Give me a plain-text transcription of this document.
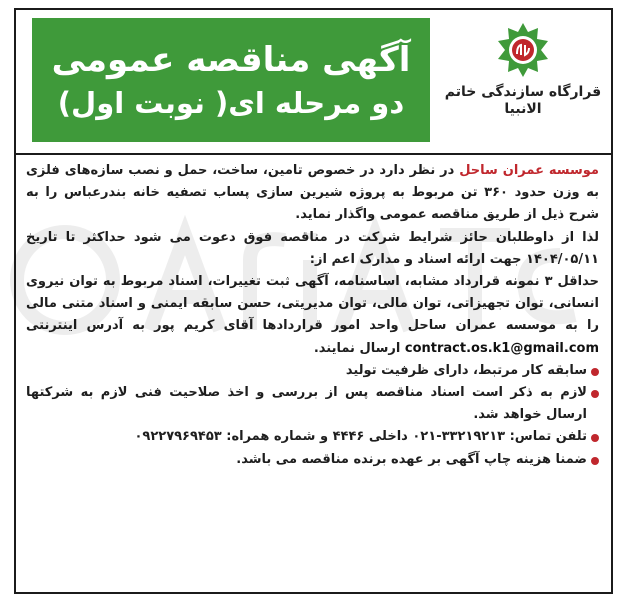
آگهی مناقصه عمومی
دو مرحله ای( نوبت اول)	قرارگاه سازندگی خاتم الانبیا

موسسه عمران ساحل در نظر دارد در خصوص تامین، ساخت، حمل و نصب سازه‌های فلزی به وزن حدود ۳۶۰ تن مربوط به پروژه شیرین سازی پساب تصفیه خانه بندرعباس را به شرح ذیل از طریق مناقصه عمومی واگذار نماید.

لذا از داوطلبان حائز شرایط شرکت در مناقصه فوق دعوت می شود حداکثر تا تاریخ ۱۴۰۴/۰۵/۱۱ جهت ارائه اسناد و مدارک اعم از:

حداقل ۳ نمونه قرارداد مشابه، اساسنامه، آگهی ثبت تغییرات، اسناد مربوط به توان نیروی انسانی، توان تجهیزاتی، توان مالی، توان مدیریتی، حسن سابقه ایمنی و اسناد متنی مالی را به موسسه عمران ساحل واحد امور قراردادها آقای کریم پور به آدرس اینترنتی contract.os.k1@gmail.com ارسال نمایند.

سابقه کار مرتبط، دارای ظرفیت تولید

لازم به ذکر است اسناد مناقصه پس از بررسی و اخذ صلاحیت فنی لازم به شرکتها ارسال خواهد شد.

تلفن تماس: ۳۳۲۱۹۲۱۳-۰۲۱ داخلی ۴۴۴۶ و شماره همراه: ۰۹۲۲۷۹۶۹۴۵۳

ضمنا هزینه چاپ آگهی بر عهده برنده مناقصه می باشد.
